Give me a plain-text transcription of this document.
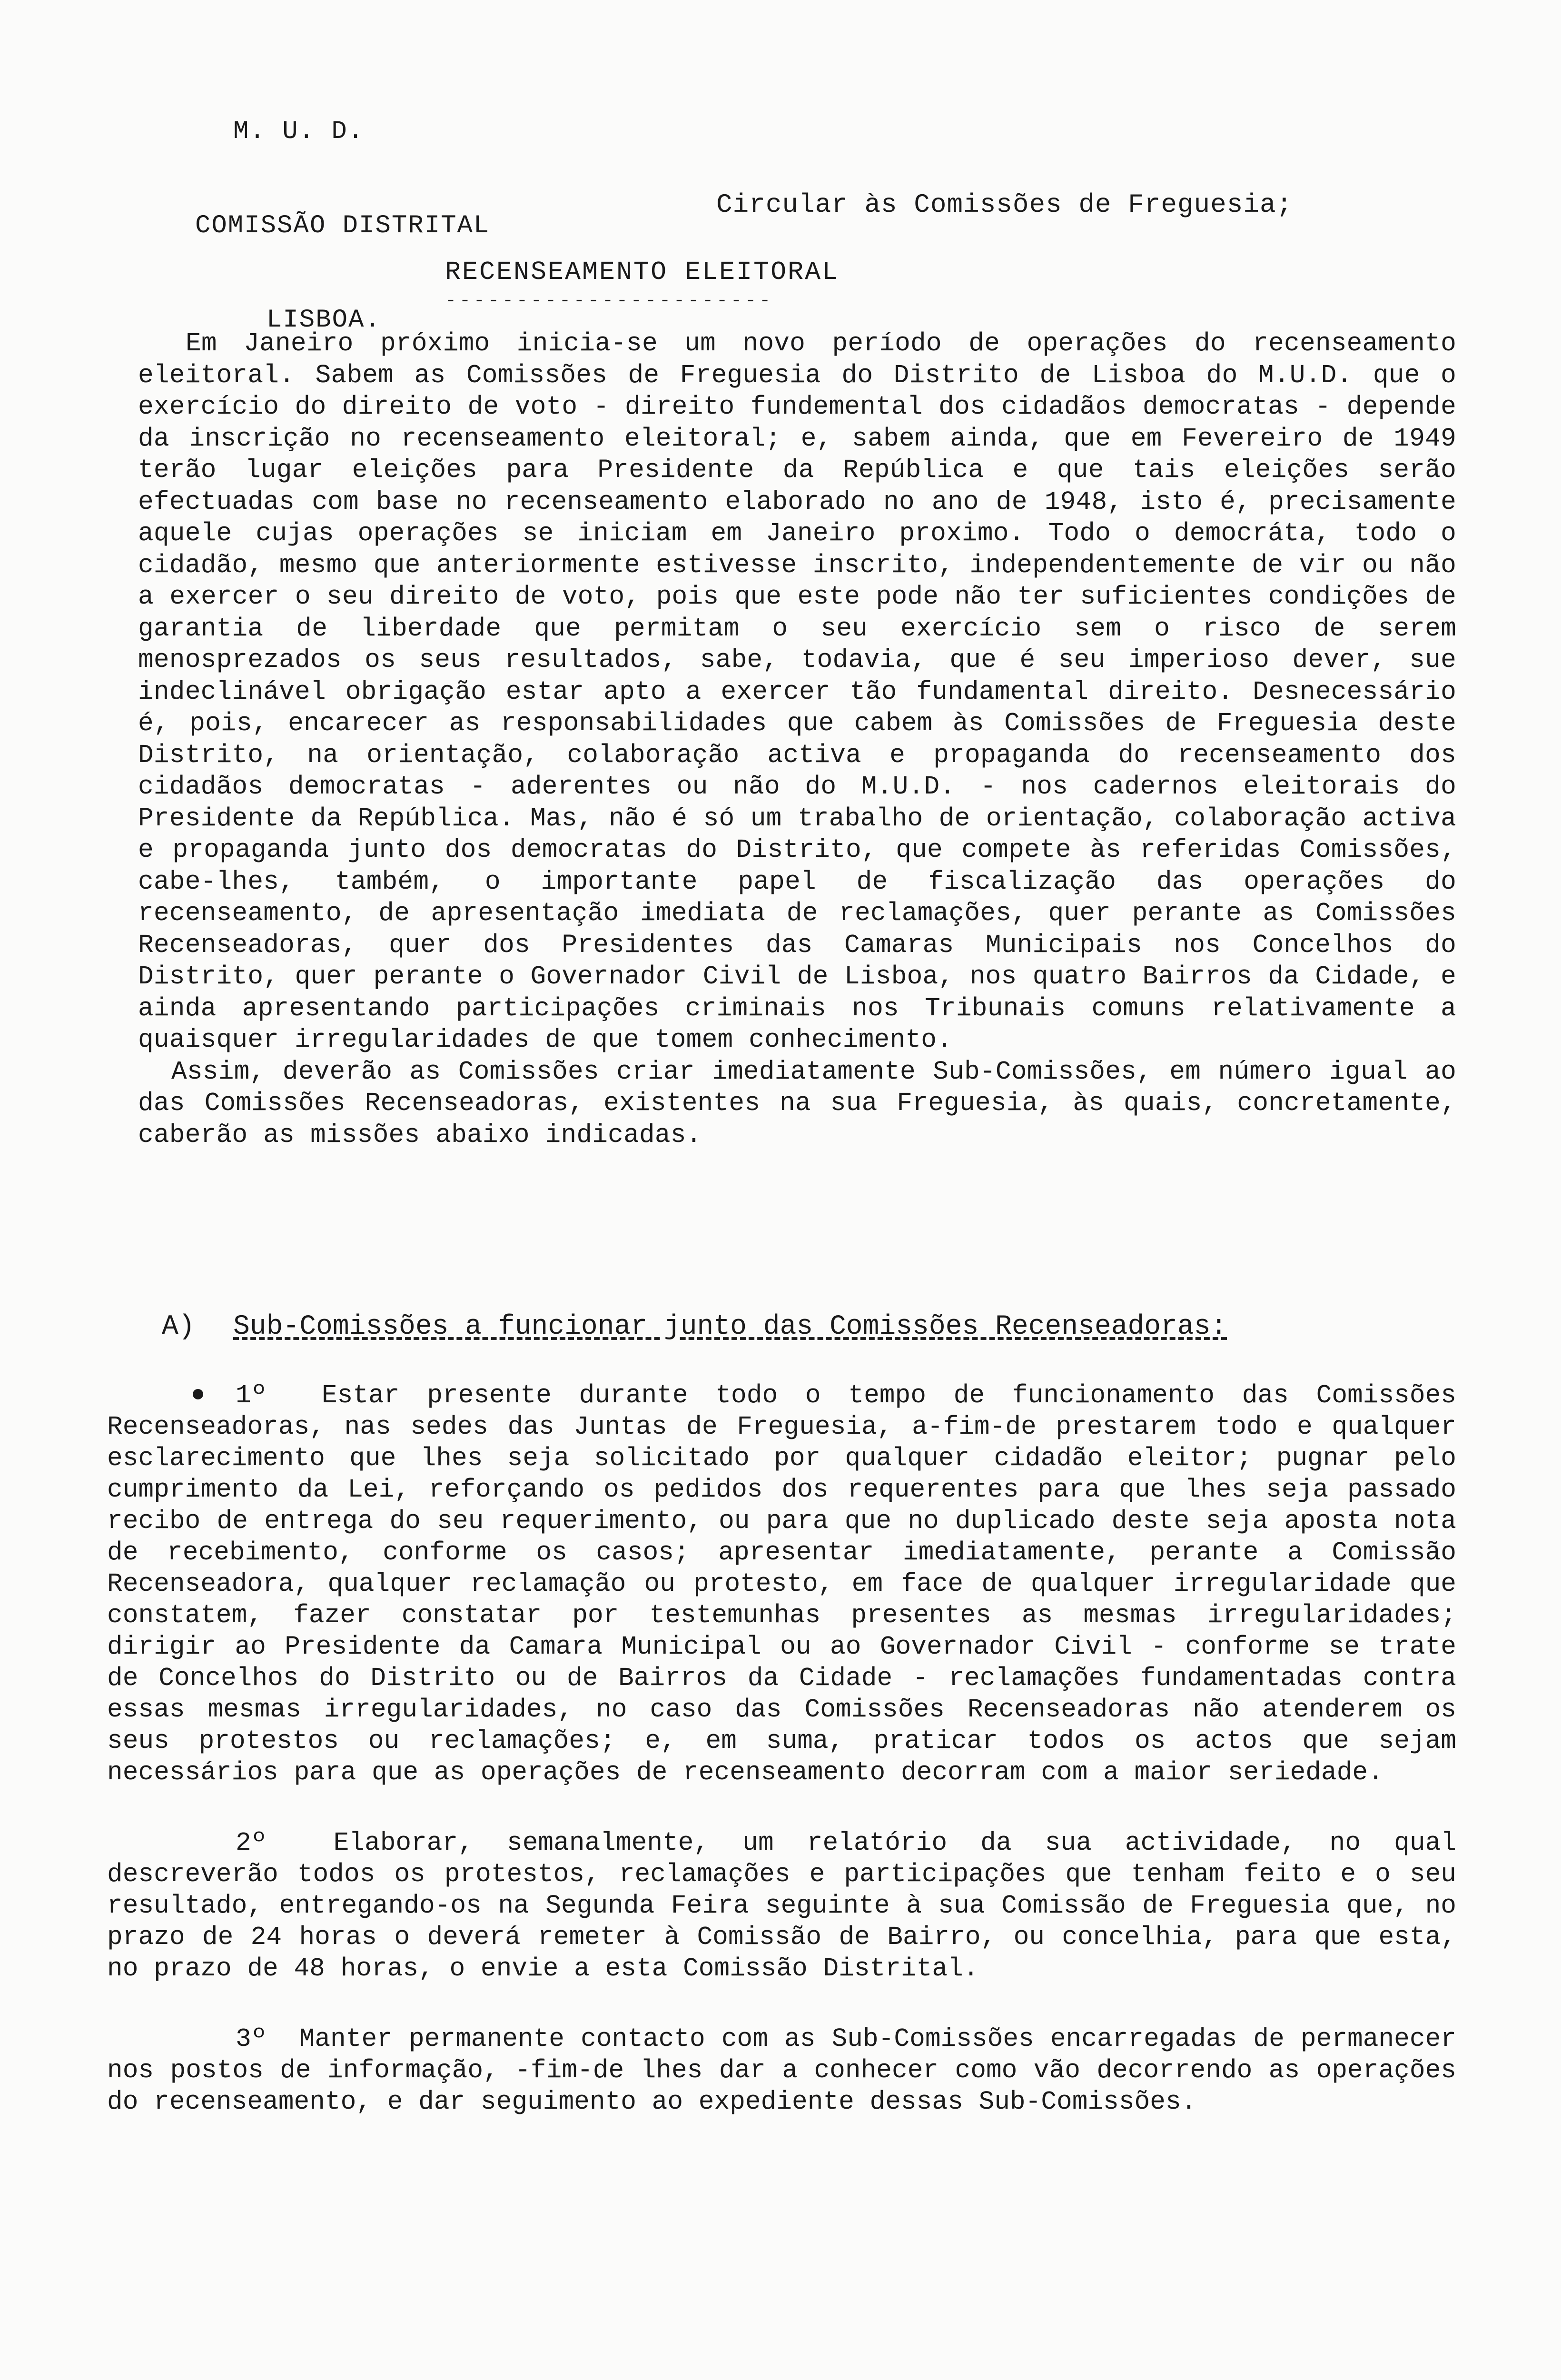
M. U. D.

COMISSÃO DISTRITAL

LISBOA.

Circular às Comissões de Freguesia;
RECENSEAMENTO ELEITORAL
-----------------------

Em Janeiro próximo inicia-se um novo período de operações do recenseamento eleitoral. Sabem as Comissões de Freguesia do Distrito de Lisboa do M.U.D. que o exercício do direito de voto - direito fundemental dos cidadãos democratas - depende da inscrição no recenseamento eleitoral; e, sabem ainda, que em Fevereiro de 1949 terão lugar eleições para Presidente da República e que tais eleições serão efectuadas com base no recenseamento elaborado no ano de 1948, isto é, precisamente aquele cujas operações se iniciam em Janeiro proximo. Todo o democráta, todo o cidadão, mesmo que anteriormente estivesse inscrito, independentemente de vir ou não a exercer o seu direito de voto, pois que este pode não ter suficientes condições de garantia de liberdade que permitam o seu exercício sem o risco de serem menosprezados os seus resultados, sabe, todavia, que é seu imperioso dever, sue indeclinável obrigação estar apto a exercer tão fundamental direito. Desnecessário é, pois, encarecer as responsabilidades que cabem às Comissões de Freguesia deste Distrito, na orientação, colaboração activa e propaganda do recenseamento dos cidadãos democratas - aderentes ou não do M.U.D. - nos cadernos eleitorais do Presidente da República. Mas, não é só um trabalho de orientação, colaboração activa e propaganda junto dos democratas do Distrito, que compete às referidas Comissões, cabe-lhes, também, o importante papel de fiscalização das operações do recenseamento, de apresentação imediata de reclamações, quer perante as Comissões Recenseadoras, quer dos Presidentes das Camaras Municipais nos Concelhos do Distrito, quer perante o Governador Civil de Lisboa, nos quatro Bairros da Cidade, e ainda apresentando participações criminais nos Tribunais comuns relativamente a quaisquer irregularidades de que tomem conhecimento.

Assim, deverão as Comissões criar imediatamente Sub-Comissões, em número igual ao das Comissões Recenseadoras, existentes na sua Freguesia, às quais, concretamente, caberão as missões abaixo indicadas.

A) Sub-Comissões a funcionar junto das Comissões Recenseadoras:
1º Estar presente durante todo o tempo de funcionamento das Comissões Recenseadoras, nas sedes das Juntas de Freguesia, a-fim-de prestarem todo e qualquer esclarecimento que lhes seja solicitado por qualquer cidadão eleitor; pugnar pelo cumprimento da Lei, reforçando os pedidos dos requerentes para que lhes seja passado recibo de entrega do seu requerimento, ou para que no duplicado deste seja aposta nota de recebimento, conforme os casos; apresentar imediatamente, perante a Comissão Recenseadora, qualquer reclamação ou protesto, em face de qualquer irregularidade que constatem, fazer constatar por testemunhas presentes as mesmas irregularidades; dirigir ao Presidente da Camara Municipal ou ao Governador Civil - conforme se trate de Concelhos do Distrito ou de Bairros da Cidade - reclamações fundamentadas contra essas mesmas irregularidades, no caso das Comissões Recenseadoras não atenderem os seus protestos ou reclamações; e, em suma, praticar todos os actos que sejam necessários para que as operações de recenseamento decorram com a maior seriedade.
2º	Elaborar, semanalmente, um relatório da sua actividade, no qual descreverão todos os protestos, reclamações e participações que tenham feito e o seu resultado, entregando-os na Segunda Feira seguinte à sua Comissão de Freguesia que, no prazo de 24 horas o deverá remeter à Comissão de Bairro, ou concelhia, para que esta, no prazo de 48 horas, o envie a esta Comissão Distrital.
3º Manter permanente contacto com as Sub-Comissões encarregadas de permanecer nos postos de informação, -fim-de lhes dar a conhecer como vão decorrendo as operações do recenseamento, e dar seguimento ao expediente dessas Sub-Comissões.
